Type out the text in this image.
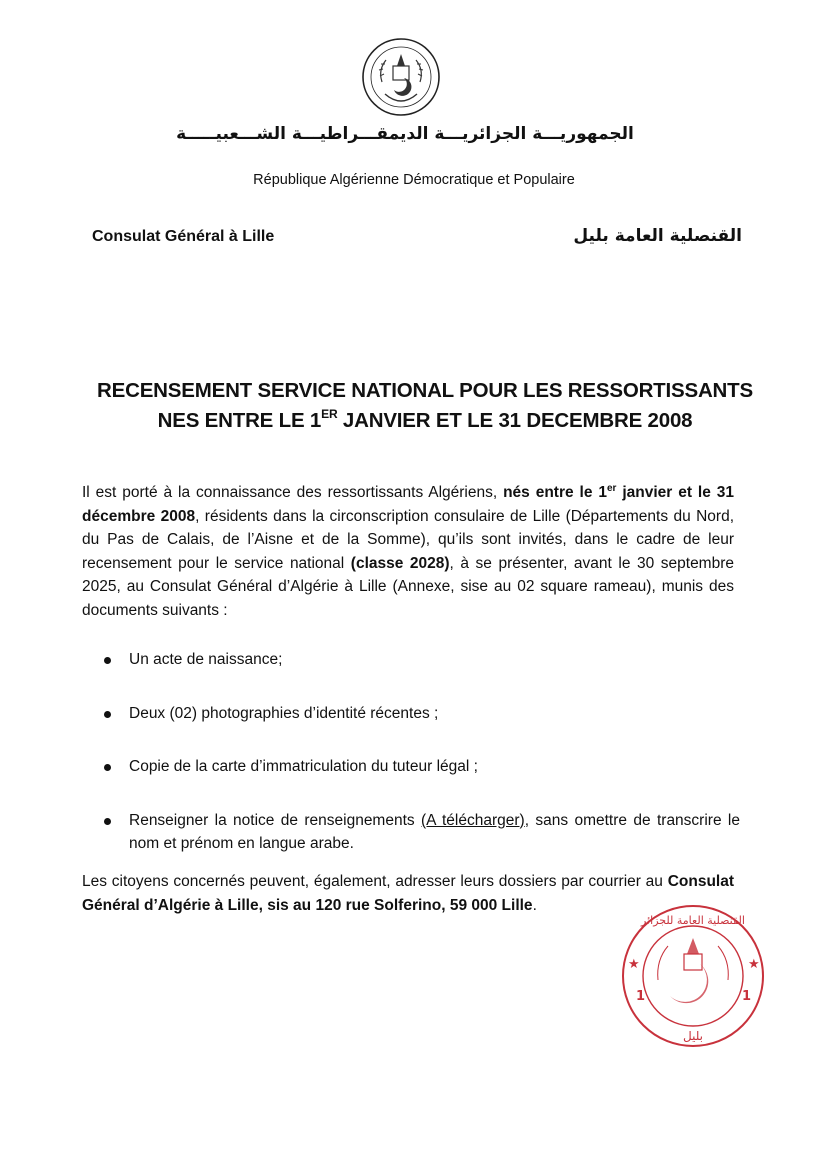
الجمهوريـــة الجزائريـــة الديمقـــراطيـــة الشـــعبيـــــة
République Algérienne Démocratique et Populaire
Consulat Général à Lille	القنصلية العامة بليل
RECENSEMENT SERVICE NATIONAL POUR LES RESSORTISSANTS
NES ENTRE LE 1ER JANVIER ET LE 31 DECEMBRE 2008
Il est porté à la connaissance des ressortissants Algériens, nés entre le 1er janvier et le 31 décembre 2008, résidents dans la circonscription consulaire de Lille (Départements du Nord, du Pas de Calais, de l’Aisne et de la Somme), qu’ils sont invités, dans le cadre de leur recensement pour le service national (classe 2028), à se présenter, avant le 30 septembre 2025, au Consulat Général d’Algérie à Lille (Annexe, sise au 02 square rameau), munis des documents suivants :
Un acte de naissance;
Deux (02) photographies d’identité récentes ;
Copie de la carte d’immatriculation du tuteur légal ;
Renseigner la notice de renseignements (A télécharger), sans omettre de transcrire le nom et prénom en langue arabe.
Les citoyens concernés peuvent, également, adresser leurs dossiers par courrier au Consulat Général d’Algérie à Lille, sis au 120 rue Solferino, 59 000 Lille.
★	★
1	1
بليل
القنصلية العامة للجزائر
